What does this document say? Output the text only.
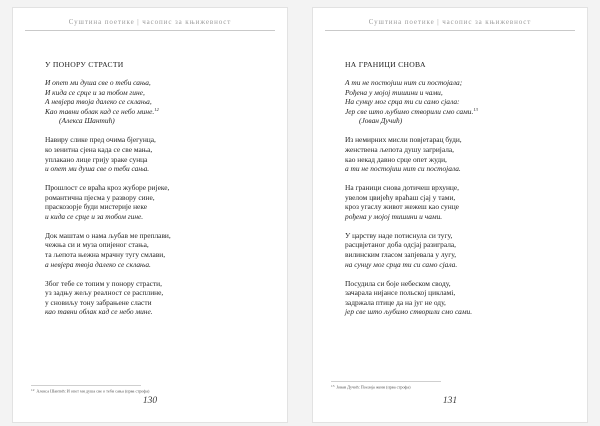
Суштина поетике | часопис за књижевност
У ПОНОРУ СТРАСТИ
И опет ми душа све о теби сања,
И кида се срце и за тобом гине,
А невјера твоја далеко се склања,
Као тавни облак кад се небо мине.$^{12}$
(Алекса Шантић)
Навиру слике пред очима бјегунца,
ко зенитна сјена када се све мања,
уплакано лице грију зраке сунца
и опет ми душа све о теби сања.
Прошлост се враћа кроз жуборе ријеке,
романтична пјесма у развору сине,
праскозорје буди мистерије неке
и кида се срце и за тобом гине.
Док маштам о нама љубав ме преплави,
чежња си и муза опијеног стања,
та љепота њежна мрачну тугу смлави,
а невјера твоја далеко се склања.
Због тебе се топим у понору страсти,
уз задњу жељу реалност се расплине,
у сновиљу тону забрањене сласти
као тавни облак кад се небо мине.
$^{12}$ Алекса Шантић: И опет ми душа све о теби сања (прва строфа)
130
Суштина поетике | часопис за књижевност
НА ГРАНИЦИ СНОВА
А ти не постојиш нит си постојала;
Рођена у мојој тишини и чами,
На сунцу мог срца ти си само сјала:
Јер све што љубимо створили смо сами.$^{13}$
(Јован Дучић)
Из немирних мисли повјетарац буди,
женствена љепота душу загријала,
као некад давно срце опет жуди,
а ти не постојиш нит си постојала.
На граници снова дотичеш врхунце,
увелом цвијећу враћаш сјај у тами,
кроз угаслу живот жежеш као сунце
рођена у мојој тишини и чами.
У царству наде потиснула си тугу,
расцвјетаног доба одсјај разиграла,
вилинским гласом запјевала у лугу,
на сунцу мог срца ти си само сјала.
Посудила си боје небеском своду,
зачарала нијансе польској цикламi,
задржала птице да на југ не оду,
јер све што љубимо створили смо сами.
$^{13}$ Јован Дучић: Поезија жени (прва строфа)
131
